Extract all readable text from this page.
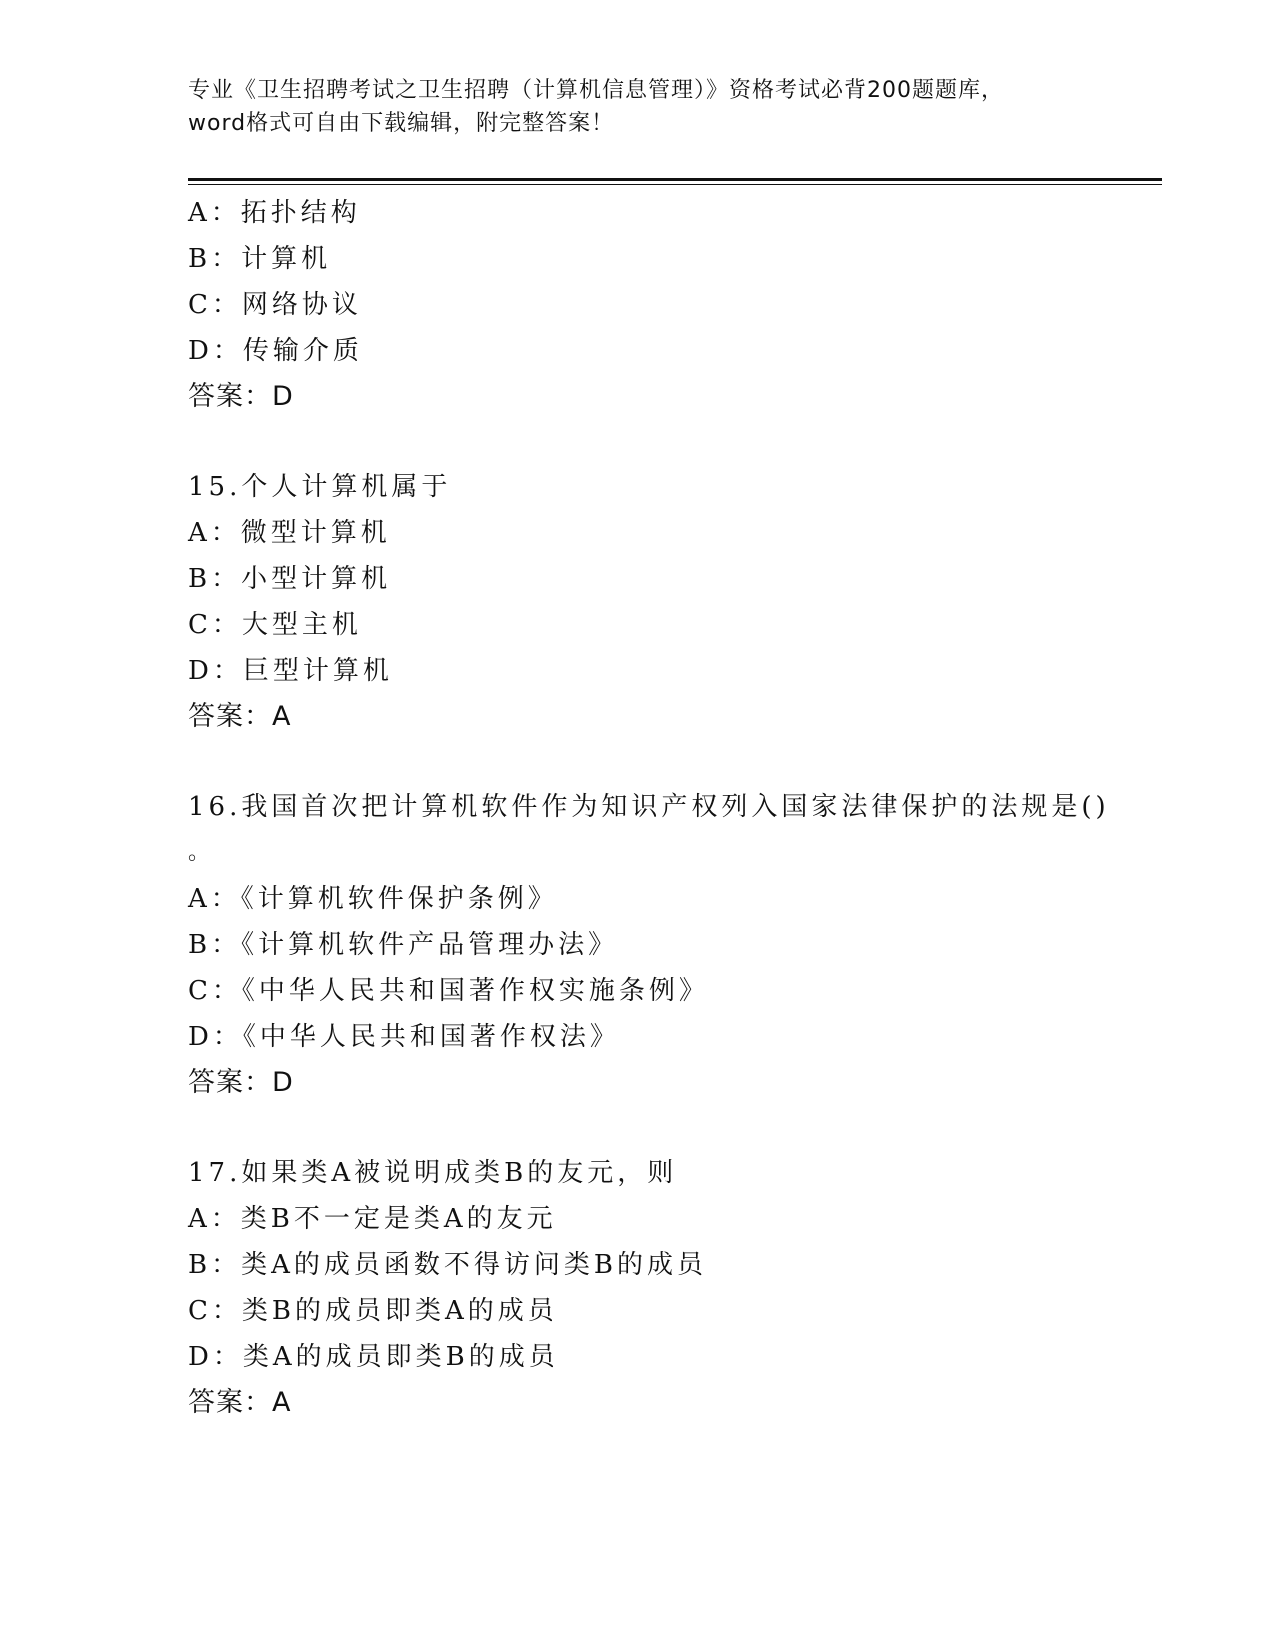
专业《卫生招聘考试之卫生招聘（计算机信息管理）》资格考试必背200题题库，
word格式可自由下载编辑，附完整答案！
A：拓扑结构
B：计算机
C：网络协议
D：传输介质
答案：D
15.个人计算机属于
A：微型计算机
B：小型计算机
C：大型主机
D：巨型计算机
答案：A
16.我国首次把计算机软件作为知识产权列入国家法律保护的法规是()
。
A：《计算机软件保护条例》
B：《计算机软件产品管理办法》
C：《中华人民共和国著作权实施条例》
D：《中华人民共和国著作权法》
答案：D
17.如果类A被说明成类B的友元，则
A：类B不一定是类A的友元
B：类A的成员函数不得访问类B的成员
C：类B的成员即类A的成员
D：类A的成员即类B的成员
答案：A
